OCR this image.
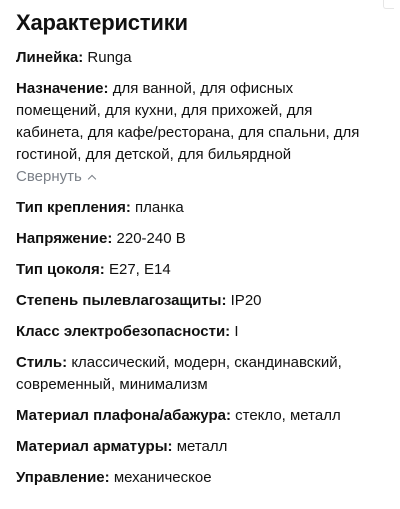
Характеристики
Линейка: Runga
Назначение: для ванной, для офисных помещений, для кухни, для прихожей, для кабинета, для кафе/ресторана, для спальни, для гостиной, для детской, для бильярдной
Свернуть
Тип крепления: планка
Напряжение: 220-240 В
Тип цоколя: E27, E14
Степень пылевлагозащиты: IP20
Класс электробезопасности: I
Стиль: классический, модерн, скандинавский, современный, минимализм
Материал плафона/абажура: стекло, металл
Материал арматуры: металл
Управление: механическое
